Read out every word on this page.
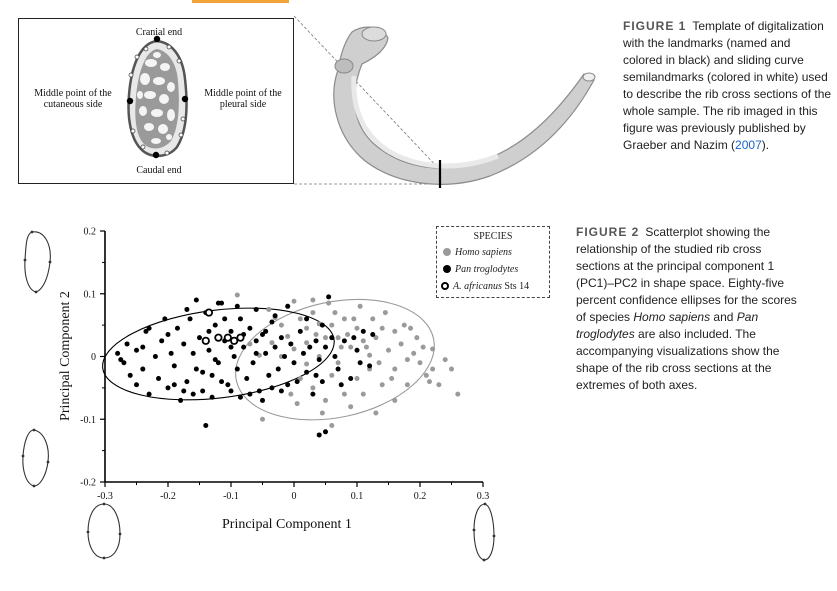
Cranial end
Caudal end
Middle point of the
cutaneous side
Middle point of the
pleural side
FIGURE 1 Template of digitalization with the landmarks (named and colored in black) and sliding curve semilandmarks (colored in white) used to describe the rib cross sections of the whole sample. The rib imaged in this figure was previously published by Graeber and Nazim (2007).
FIGURE 2 Scatterplot showing the relationship of the studied rib cross sections at the principal component 1 (PC1)–PC2 in shape space. Eighty-five percent confidence ellipses for the scores of species Homo sapiens and Pan troglodytes are also included. The accompanying visualizations show the shape of the rib cross sections at the extremes of both axes.
-0.3	-0.2	-0.1	0	0.1	0.2	0.3
-0.2
-0.1
0
0.1
0.2
Principal Component 1
Principal Component 2
SPECIES
Homo sapiens
Pan troglodytes
A. africanus Sts 14
